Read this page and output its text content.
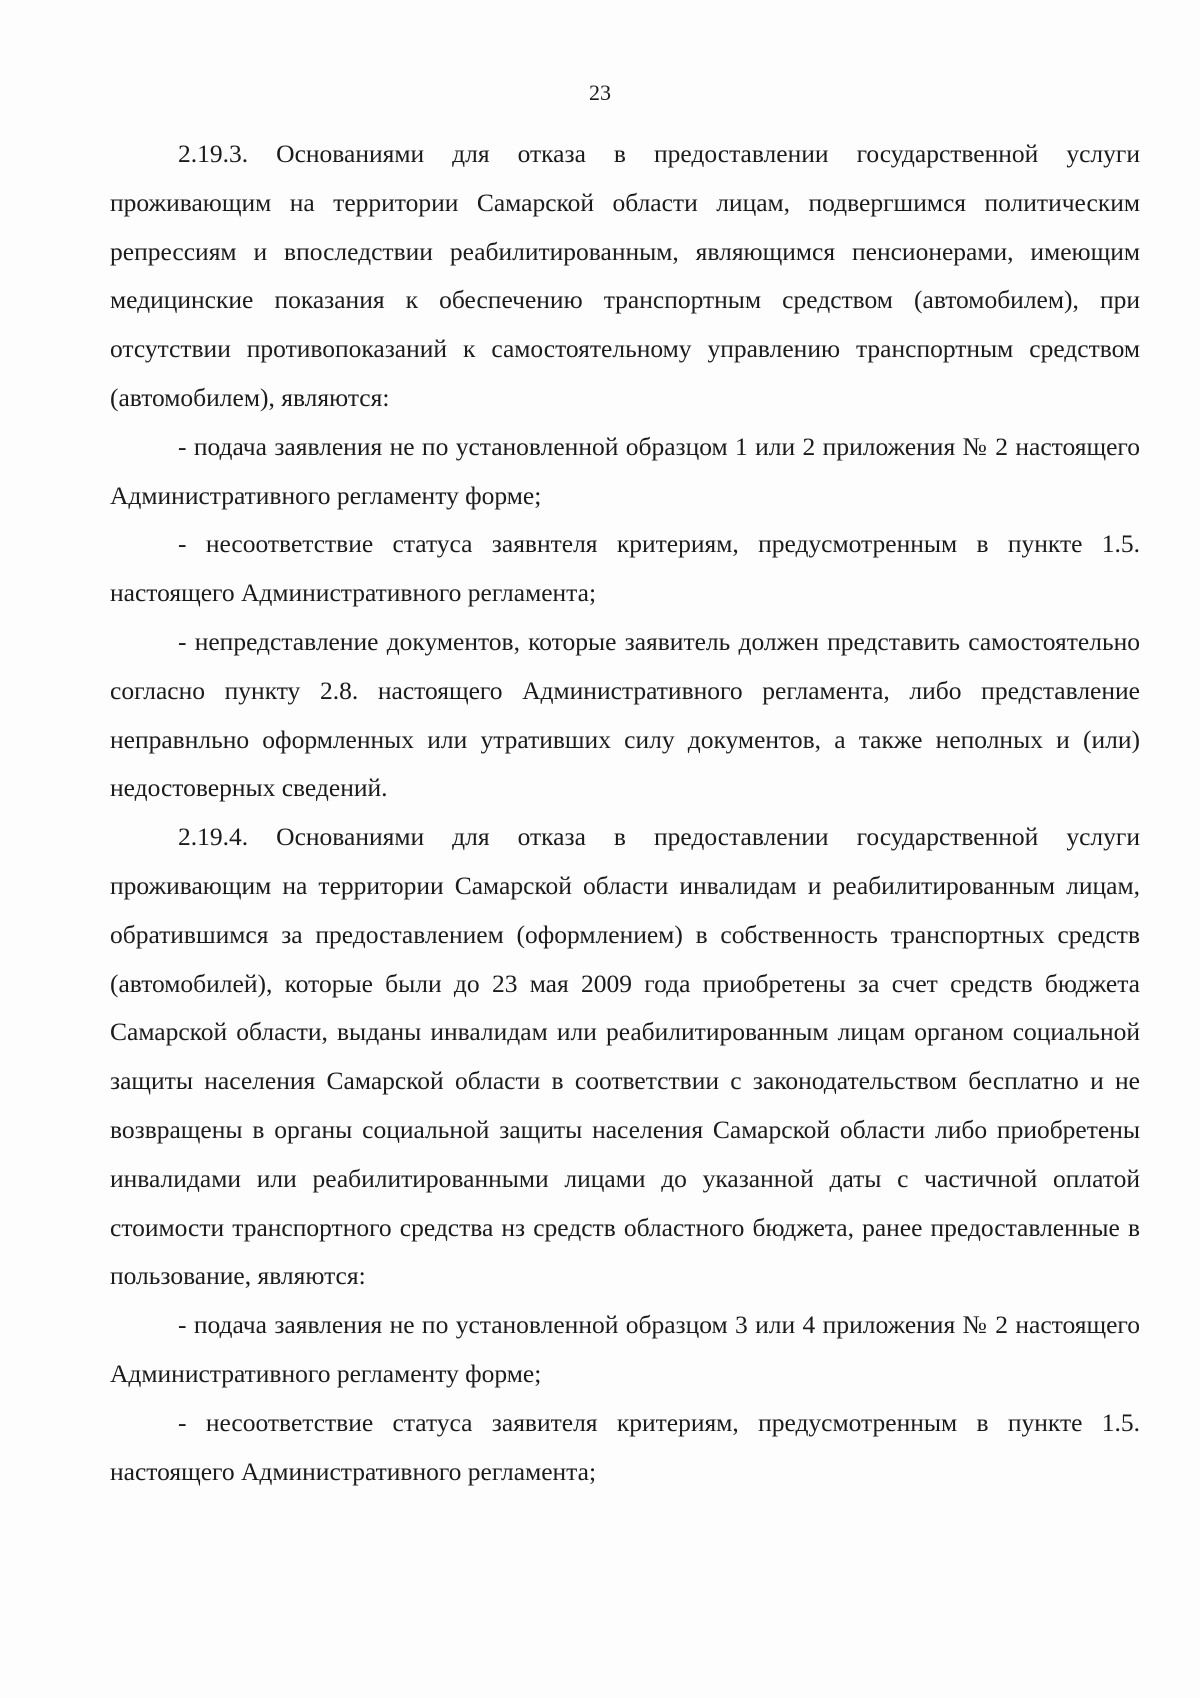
23

2.19.3. Основаниями для отказа в предоставлении государственной услуги проживающим на территории Самарской области лицам, подвергшимся политическим репрессиям и впоследствии реабилитированным, являющимся пенсионерами, имеющим медицинские показания к обеспечению транспортным средством (автомобилем), при отсутствии противопоказаний к самостоятельному управлению транспортным средством (автомобилем), являются:

- подача заявления не по установленной образцом 1 или 2 приложения № 2 настоящего Административного регламенту форме;

- несоответствие статуса заявнтеля критериям, предусмотренным в пункте 1.5. настоящего Административного регламента;

- непредставление документов, которые заявитель должен представить самостоятельно согласно пункту 2.8. настоящего Административного регламента, либо представление неправнльно оформленных или утративших силу документов, а также неполных и (или) недостоверных сведений.

2.19.4. Основаниями для отказа в предоставлении государственной услуги проживающим на территории Самарской области инвалидам и реабилитированным лицам, обратившимся за предоставлением (оформлением) в собственность транспортных средств (автомобилей), которые были до 23 мая 2009 года приобретены за счет средств бюджета Самарской области, выданы инвалидам или реабилитированным лицам органом социальной защиты населения Самарской области в соответствии с законодательством бесплатно и не возвращены в органы социальной защиты населения Самарской области либо приобретены инвалидами или реабилитированными лицами до указанной даты с частичной оплатой стоимости транспортного средства нз средств областного бюджета, ранее предоставленные в пользование, являются:

- подача заявления не по установленной образцом 3 или 4 приложения № 2 настоящего Административного регламенту форме;

- несоответствие статуса заявителя критериям, предусмотренным в пункте 1.5. настоящего Административного регламента;
